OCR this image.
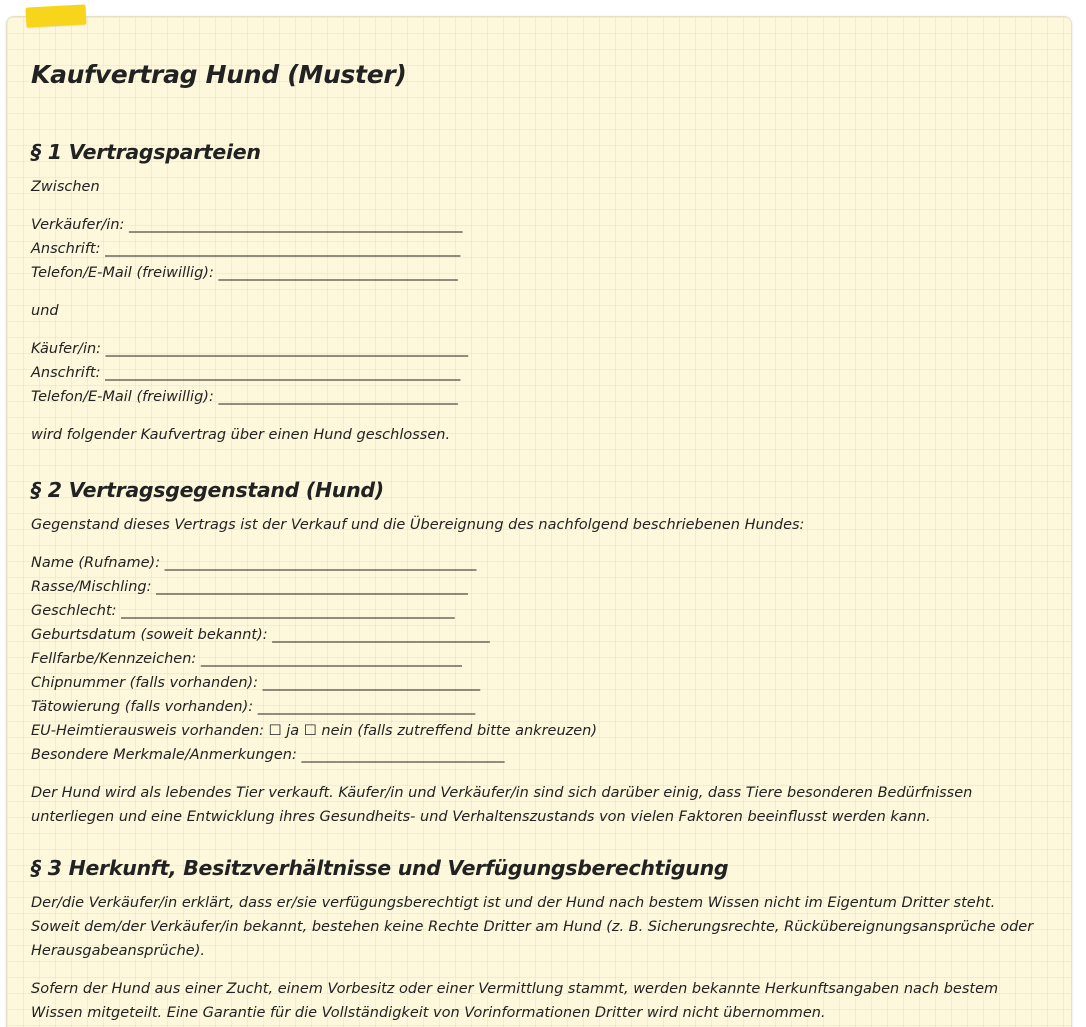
Kaufvertrag Hund (Muster)
§ 1 Vertragsparteien

Zwischen

Verkäufer/in: ______________________________________________
Anschrift: _________________________________________________
Telefon/E-Mail (freiwillig): _________________________________

und

Käufer/in: __________________________________________________
Anschrift: _________________________________________________
Telefon/E-Mail (freiwillig): _________________________________

wird folgender Kaufvertrag über einen Hund geschlossen.

§ 2 Vertragsgegenstand (Hund)

Gegenstand dieses Vertrags ist der Verkauf und die Übereignung des nachfolgend beschriebenen Hundes:

Name (Rufname): ___________________________________________
Rasse/Mischling: ___________________________________________
Geschlecht: ______________________________________________
Geburtsdatum (soweit bekannt): ______________________________
Fellfarbe/Kennzeichen: ____________________________________
Chipnummer (falls vorhanden): ______________________________
Tätowierung (falls vorhanden): ______________________________
EU-Heimtierausweis vorhanden: ☐ ja ☐ nein (falls zutreffend bitte ankreuzen)
Besondere Merkmale/Anmerkungen: ____________________________

Der Hund wird als lebendes Tier verkauft. Käufer/in und Verkäufer/in sind sich darüber einig, dass Tiere besonderen Bedürfnissen unterliegen und eine Entwicklung ihres Gesundheits- und Verhaltenszustands von vielen Faktoren beeinflusst werden kann.

§ 3 Herkunft, Besitzverhältnisse und Verfügungsberechtigung

Der/die Verkäufer/in erklärt, dass er/sie verfügungsberechtigt ist und der Hund nach bestem Wissen nicht im Eigentum Dritter steht. Soweit dem/der Verkäufer/in bekannt, bestehen keine Rechte Dritter am Hund (z. B. Sicherungsrechte, Rückübereignungsansprüche oder Herausgabeansprüche).

Sofern der Hund aus einer Zucht, einem Vorbesitz oder einer Vermittlung stammt, werden bekannte Herkunftsangaben nach bestem Wissen mitgeteilt. Eine Garantie für die Vollständigkeit von Vorinformationen Dritter wird nicht übernommen.
